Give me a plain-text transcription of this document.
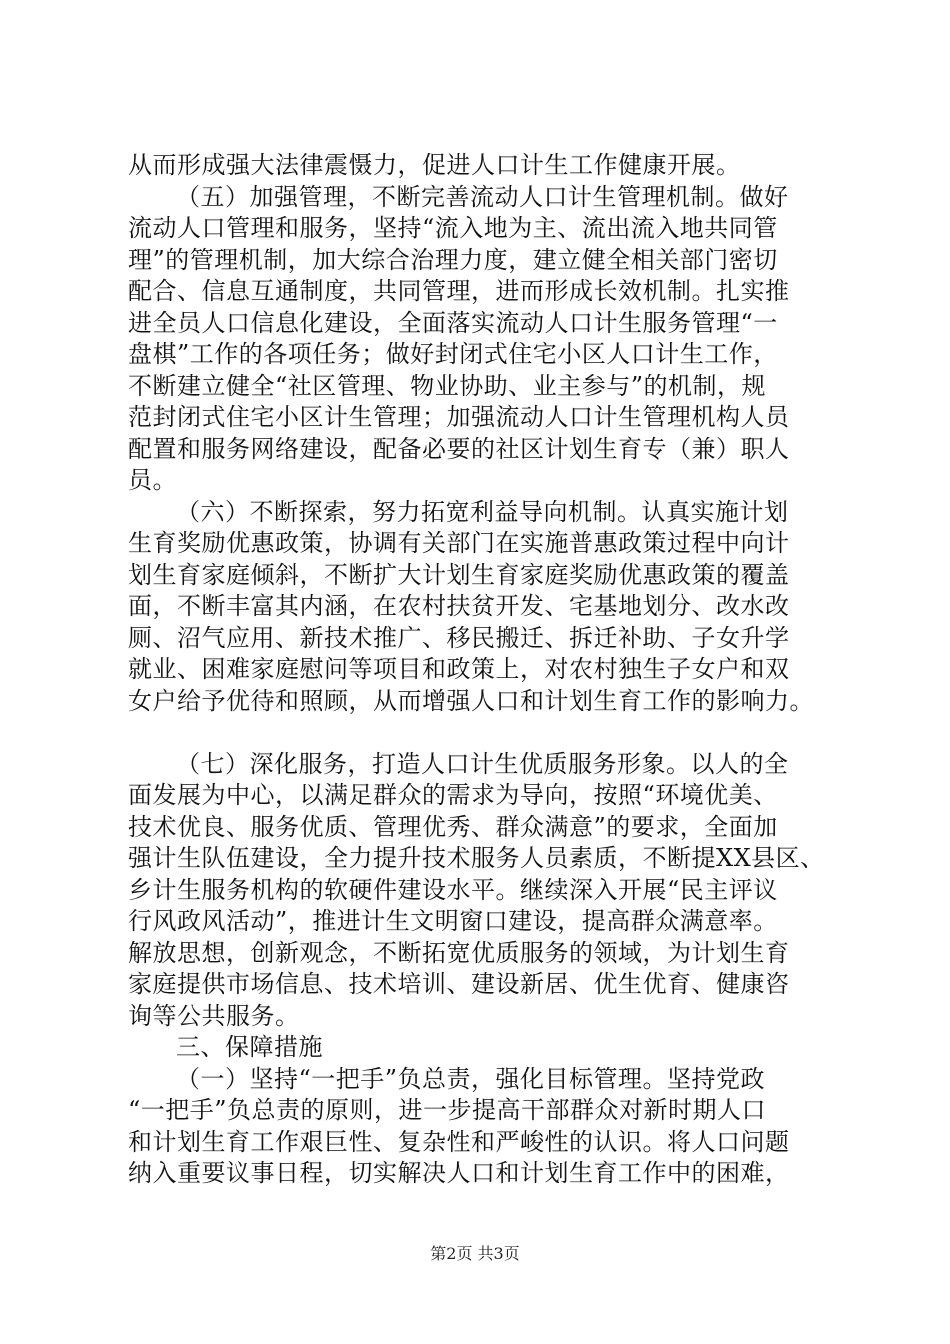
从而形成强大法律震慑力，促进人口计生工作健康开展。
（五）加强管理，不断完善流动人口计生管理机制。做好
流动人口管理和服务，坚持“流入地为主、流出流入地共同管
理”的管理机制，加大综合治理力度，建立健全相关部门密切
配合、信息互通制度，共同管理，进而形成长效机制。扎实推
进全员人口信息化建设，全面落实流动人口计生服务管理“一
盘棋”工作的各项任务；做好封闭式住宅小区人口计生工作，
不断建立健全“社区管理、物业协助、业主参与”的机制，规
范封闭式住宅小区计生管理；加强流动人口计生管理机构人员
配置和服务网络建设，配备必要的社区计划生育专（兼）职人
员。
（六）不断探索，努力拓宽利益导向机制。认真实施计划
生育奖励优惠政策，协调有关部门在实施普惠政策过程中向计
划生育家庭倾斜，不断扩大计划生育家庭奖励优惠政策的覆盖
面，不断丰富其内涵，在农村扶贫开发、宅基地划分、改水改
厕、沼气应用、新技术推广、移民搬迁、拆迁补助、子女升学
就业、困难家庭慰问等项目和政策上，对农村独生子女户和双
女户给予优待和照顾，从而增强人口和计划生育工作的影响力。
（七）深化服务，打造人口计生优质服务形象。以人的全
面发展为中心，以满足群众的需求为导向，按照“环境优美、
技术优良、服务优质、管理优秀、群众满意”的要求，全面加
强计生队伍建设，全力提升技术服务人员素质，不断提XX县区、
乡计生服务机构的软硬件建设水平。继续深入开展“民主评议
行风政风活动”，推进计生文明窗口建设，提高群众满意率。
解放思想，创新观念，不断拓宽优质服务的领域，为计划生育
家庭提供市场信息、技术培训、建设新居、优生优育、健康咨
询等公共服务。
三、保障措施
（一）坚持“一把手”负总责，强化目标管理。坚持党政
“一把手”负总责的原则，进一步提高干部群众对新时期人口
和计划生育工作艰巨性、复杂性和严峻性的认识。将人口问题
纳入重要议事日程，切实解决人口和计划生育工作中的困难，
第2页 共3页
